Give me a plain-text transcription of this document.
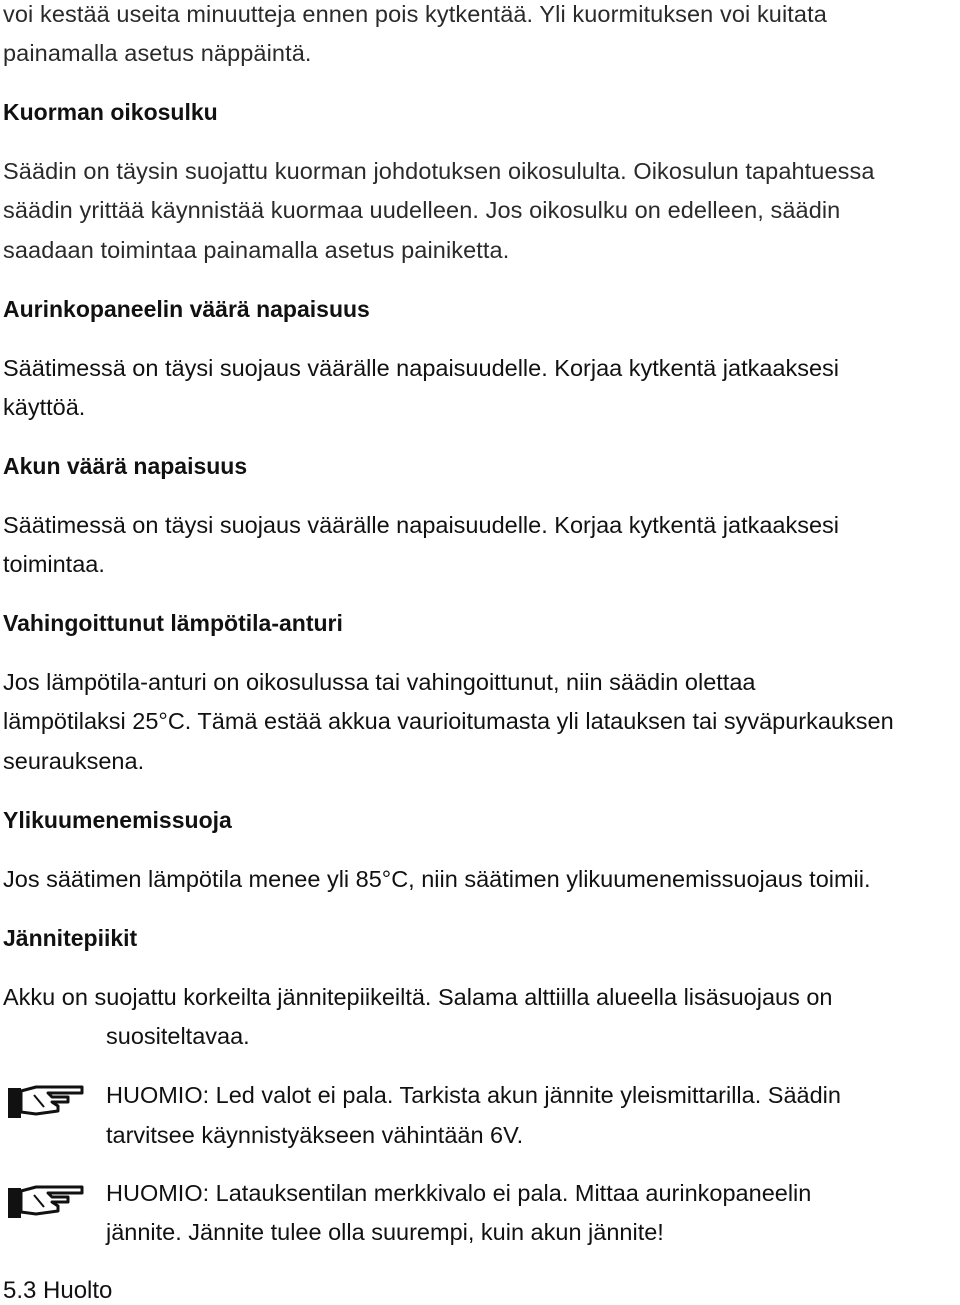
voi kestää useita minuutteja ennen pois kytkentää. Yli kuormituksen voi kuitata

painamalla asetus näppäintä.

Kuorman oikosulku

Säädin on täysin suojattu kuorman johdotuksen oikosululta. Oikosulun tapahtuessa

säädin yrittää käynnistää kuormaa uudelleen. Jos oikosulku on edelleen, säädin

saadaan toimintaa painamalla asetus painiketta.

Aurinkopaneelin väärä napaisuus

Säätimessä on täysi suojaus väärälle napaisuudelle. Korjaa kytkentä jatkaaksesi

käyttöä.

Akun väärä napaisuus

Säätimessä on täysi suojaus väärälle napaisuudelle. Korjaa kytkentä jatkaaksesi

toimintaa.

Vahingoittunut lämpötila-anturi

Jos lämpötila-anturi on oikosulussa tai vahingoittunut, niin säädin olettaa

lämpötilaksi 25°C. Tämä estää akkua vaurioitumasta yli latauksen tai syväpurkauksen

seurauksena.

Ylikuumenemissuoja

Jos säätimen lämpötila menee yli 85°C, niin säätimen ylikuumenemissuojaus toimii.

Jännitepiikit

Akku on suojattu korkeilta jännitepiikeiltä. Salama alttiilla alueella lisäsuojaus on

suositeltavaa.

HUOMIO: Led valot ei pala. Tarkista akun jännite yleismittarilla. Säädin

tarvitsee käynnistyäkseen vähintään 6V.

HUOMIO: Latauksentilan merkkivalo ei pala. Mittaa aurinkopaneelin

jännite. Jännite tulee olla suurempi, kuin akun jännite!

5.3 Huolto
